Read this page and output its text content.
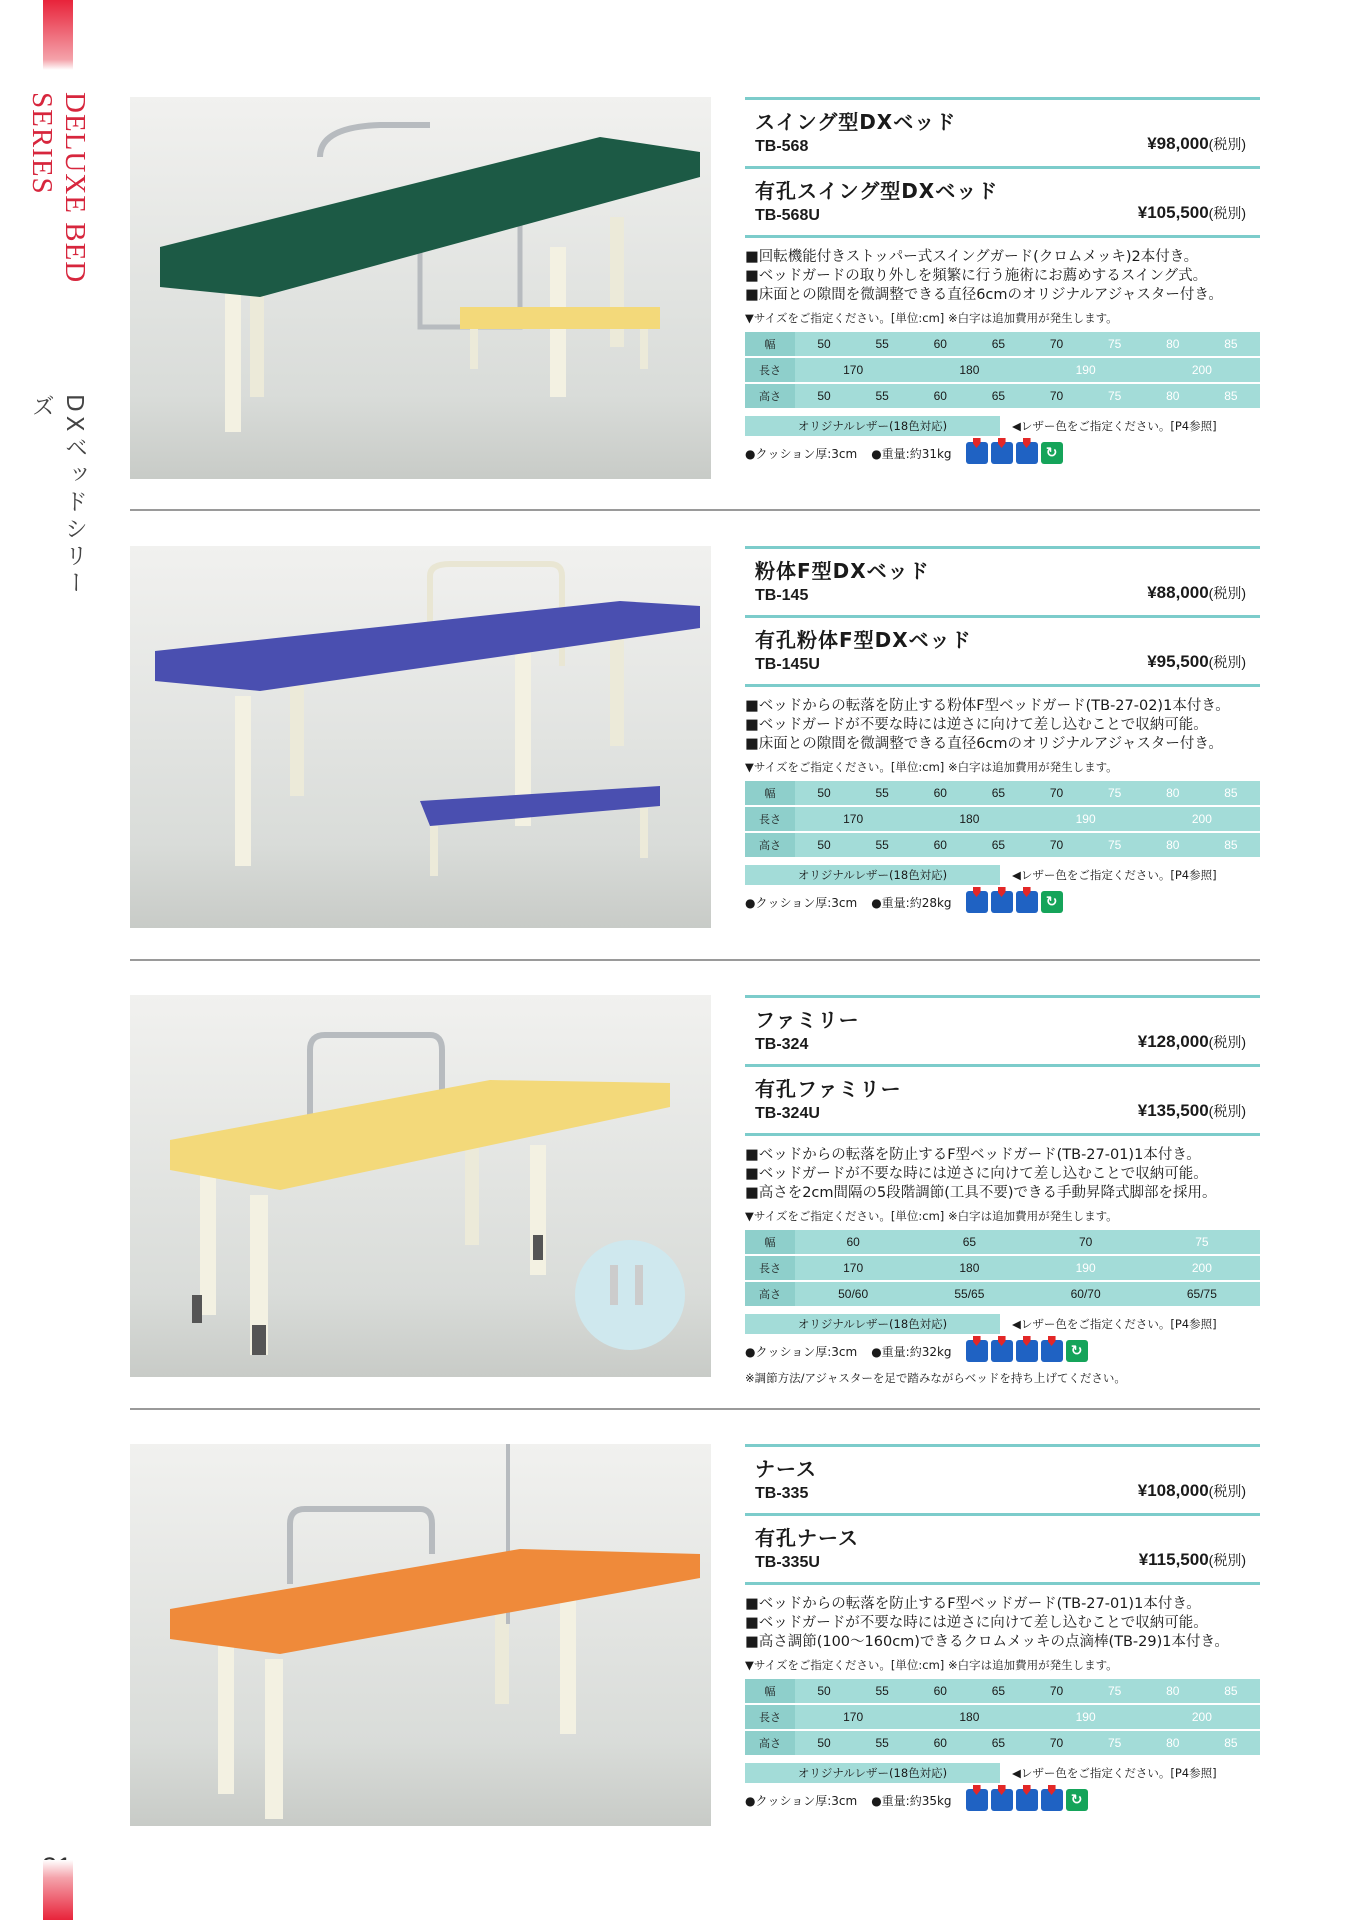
DELUXE BED SERIES
DXベッドシリーズ
スイング型DXベッド
TB-568	¥98,000(税別)
有孔スイング型DXベッド
TB-568U	¥105,500(税別)
■回転機能付きストッパー式スイングガード(クロムメッキ)2本付き。
■ベッドガードの取り外しを頻繁に行う施術にお薦めするスイング式。
■床面との隙間を微調整できる直径6cmのオリジナルアジャスター付き。
▼サイズをご指定ください。[単位:cm] ※白字は追加費用が発生します。
幅	50	55	60	65	70	75	80	85
長さ	170		180		190		200	
高さ	50	55	60	65	70	75	80	85
オリジナルレザー(18色対応)	◀レザー色をご指定ください。[P4参照]
●クッション厚:3cm ●重量:約31kg	↻
粉体F型DXベッド
TB-145	¥88,000(税別)
有孔粉体F型DXベッド
TB-145U	¥95,500(税別)
■ベッドからの転落を防止する粉体F型ベッドガード(TB-27-02)1本付き。
■ベッドガードが不要な時には逆さに向けて差し込むことで収納可能。
■床面との隙間を微調整できる直径6cmのオリジナルアジャスター付き。
▼サイズをご指定ください。[単位:cm] ※白字は追加費用が発生します。
幅	50	55	60	65	70	75	80	85
長さ	170		180		190		200	
高さ	50	55	60	65	70	75	80	85
オリジナルレザー(18色対応)	◀レザー色をご指定ください。[P4参照]
●クッション厚:3cm ●重量:約28kg	↻
ファミリー
TB-324	¥128,000(税別)
有孔ファミリー
TB-324U	¥135,500(税別)
■ベッドからの転落を防止するF型ベッドガード(TB-27-01)1本付き。
■ベッドガードが不要な時には逆さに向けて差し込むことで収納可能。
■高さを2cm間隔の5段階調節(工具不要)できる手動昇降式脚部を採用。
▼サイズをご指定ください。[単位:cm] ※白字は追加費用が発生します。
幅	60	65	70	75
長さ	170	180	190	200
高さ	50/60	55/65	60/70	65/75
オリジナルレザー(18色対応)	◀レザー色をご指定ください。[P4参照]
●クッション厚:3cm ●重量:約32kg	↻
※調節方法/アジャスターを足で踏みながらベッドを持ち上げてください。
ナース
TB-335	¥108,000(税別)
有孔ナース
TB-335U	¥115,500(税別)
■ベッドからの転落を防止するF型ベッドガード(TB-27-01)1本付き。
■ベッドガードが不要な時には逆さに向けて差し込むことで収納可能。
■高さ調節(100〜160cm)できるクロムメッキの点滴棒(TB-29)1本付き。
▼サイズをご指定ください。[単位:cm] ※白字は追加費用が発生します。
幅	50	55	60	65	70	75	80	85
長さ	170		180		190		200	
高さ	50	55	60	65	70	75	80	85
オリジナルレザー(18色対応)	◀レザー色をご指定ください。[P4参照]
●クッション厚:3cm ●重量:約35kg	↻
